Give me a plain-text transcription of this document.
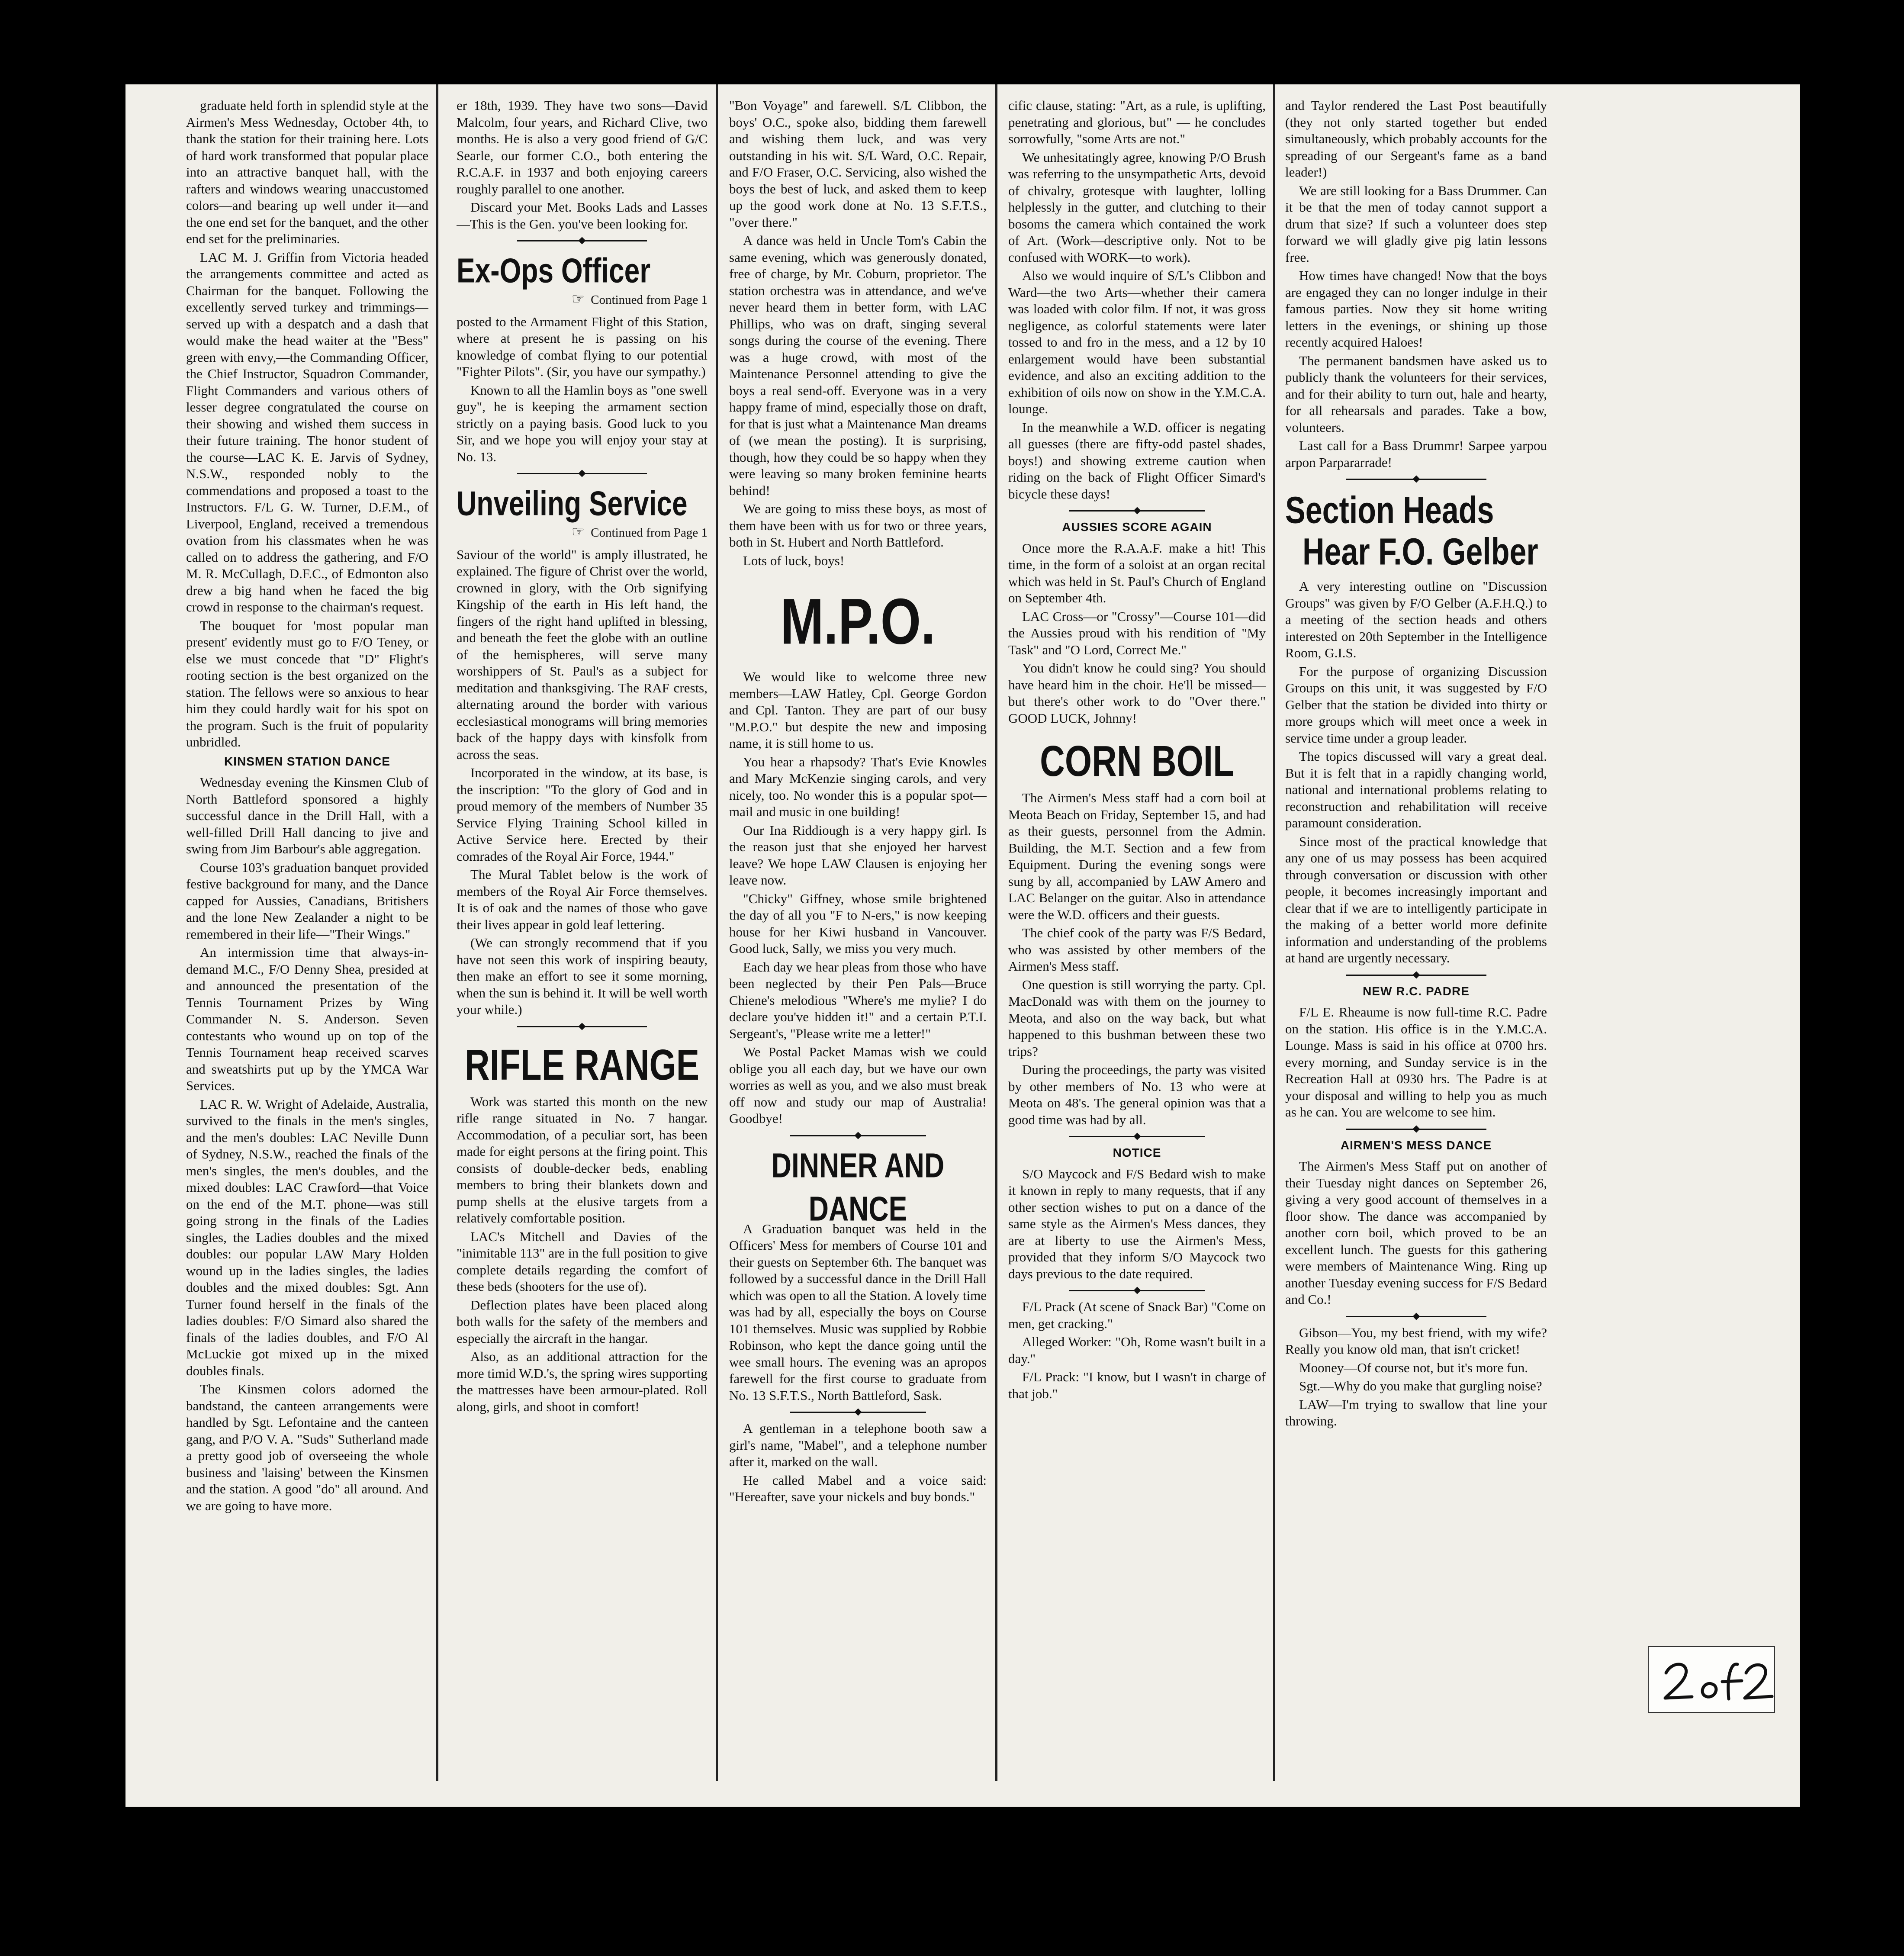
graduate held forth in splendid style at the Airmen's Mess Wednesday, October 4th, to thank the station for their training here. Lots of hard work transformed that popular place into an attractive banquet hall, with the rafters and windows wearing unaccustomed colors—and bearing up well under it—and the one end set for the banquet, and the other end set for the preliminaries.

LAC M. J. Griffin from Victoria headed the arrangements committee and acted as Chairman for the banquet. Following the excellently served turkey and trimmings—served up with a despatch and a dash that would make the head waiter at the "Bess" green with envy,—the Commanding Officer, the Chief Instructor, Squadron Commander, Flight Commanders and various others of lesser degree congratulated the course on their showing and wished them success in their future training. The honor student of the course—LAC K. E. Jarvis of Sydney, N.S.W., responded nobly to the commendations and proposed a toast to the Instructors. F/L G. W. Turner, D.F.M., of Liverpool, England, received a tremendous ovation from his classmates when he was called on to address the gathering, and F/O M. R. McCullagh, D.F.C., of Edmonton also drew a big hand when he faced the big crowd in response to the chairman's request.

The bouquet for 'most popular man present' evidently must go to F/O Teney, or else we must concede that "D" Flight's rooting section is the best organized on the station. The fellows were so anxious to hear him they could hardly wait for his spot on the program. Such is the fruit of popularity unbridled.

KINSMEN STATION DANCE

Wednesday evening the Kinsmen Club of North Battleford sponsored a highly successful dance in the Drill Hall, with a well-filled Drill Hall dancing to jive and swing from Jim Barbour's able aggregation.

Course 103's graduation banquet provided festive background for many, and the Dance capped for Aussies, Canadians, Britishers and the lone New Zealander a night to be remembered in their life—"Their Wings."

An intermission time that always-in-demand M.C., F/O Denny Shea, presided at and announced the presentation of the Tennis Tournament Prizes by Wing Commander N. S. Anderson. Seven contestants who wound up on top of the Tennis Tournament heap received scarves and sweatshirts put up by the YMCA War Services.

LAC R. W. Wright of Adelaide, Australia, survived to the finals in the men's singles, and the men's doubles: LAC Neville Dunn of Sydney, N.S.W., reached the finals of the men's singles, the men's doubles, and the mixed doubles: LAC Crawford—that Voice on the end of the M.T. phone—was still going strong in the finals of the Ladies singles, the Ladies doubles and the mixed doubles: our popular LAW Mary Holden wound up in the ladies singles, the ladies doubles and the mixed doubles: Sgt. Ann Turner found herself in the finals of the ladies doubles: F/O Simard also shared the finals of the ladies doubles, and F/O Al McLuckie got mixed up in the mixed doubles finals.

The Kinsmen colors adorned the bandstand, the canteen arrangements were handled by Sgt. Lefontaine and the canteen gang, and P/O V. A. "Suds" Sutherland made a pretty good job of overseeing the whole business and 'laising' between the Kinsmen and the station. A good "do" all around. And we are going to have more.

er 18th, 1939. They have two sons—David Malcolm, four years, and Richard Clive, two months. He is also a very good friend of G/C Searle, our former C.O., both entering the R.C.A.F. in 1937 and both enjoying careers roughly parallel to one another.

Discard your Met. Books Lads and Lasses—This is the Gen. you've been looking for.

Ex-Ops Officer
☞ Continued from Page 1

posted to the Armament Flight of this Station, where at present he is passing on his knowledge of combat flying to our potential "Fighter Pilots". (Sir, you have our sympathy.)

Known to all the Hamlin boys as "one swell guy", he is keeping the armament section strictly on a paying basis. Good luck to you Sir, and we hope you will enjoy your stay at No. 13.

Unveiling Service
☞ Continued from Page 1

Saviour of the world" is amply illustrated, he explained. The figure of Christ over the world, crowned in glory, with the Orb signifying Kingship of the earth in His left hand, the fingers of the right hand uplifted in blessing, and beneath the feet the globe with an outline of the hemispheres, will serve many worshippers of St. Paul's as a subject for meditation and thanksgiving. The RAF crests, alternating around the border with various ecclesiastical monograms will bring memories back of the happy days with kinsfolk from across the seas.

Incorporated in the window, at its base, is the inscription: "To the glory of God and in proud memory of the members of Number 35 Service Flying Training School killed in Active Service here. Erected by their comrades of the Royal Air Force, 1944."

The Mural Tablet below is the work of members of the Royal Air Force themselves. It is of oak and the names of those who gave their lives appear in gold leaf lettering.

(We can strongly recommend that if you have not seen this work of inspiring beauty, then make an effort to see it some morning, when the sun is behind it. It will be well worth your while.)

RIFLE RANGE

Work was started this month on the new rifle range situated in No. 7 hangar. Accommodation, of a peculiar sort, has been made for eight persons at the firing point. This consists of double-decker beds, enabling members to bring their blankets down and pump shells at the elusive targets from a relatively comfortable position.

LAC's Mitchell and Davies of the "inimitable 113" are in the full position to give complete details regarding the comfort of these beds (shooters for the use of).

Deflection plates have been placed along both walls for the safety of the members and especially the aircraft in the hangar.

Also, as an additional attraction for the more timid W.D.'s, the spring wires supporting the mattresses have been armour-plated. Roll along, girls, and shoot in comfort!

"Bon Voyage" and farewell. S/L Clibbon, the boys' O.C., spoke also, bidding them farewell and wishing them luck, and was very outstanding in his wit. S/L Ward, O.C. Repair, and F/O Fraser, O.C. Servicing, also wished the boys the best of luck, and asked them to keep up the good work done at No. 13 S.F.T.S., "over there."

A dance was held in Uncle Tom's Cabin the same evening, which was generously donated, free of charge, by Mr. Coburn, proprietor. The station orchestra was in attendance, and we've never heard them in better form, with LAC Phillips, who was on draft, singing several songs during the course of the evening. There was a huge crowd, with most of the Maintenance Personnel attending to give the boys a real send-off. Everyone was in a very happy frame of mind, especially those on draft, for that is just what a Maintenance Man dreams of (we mean the posting). It is surprising, though, how they could be so happy when they were leaving so many broken feminine hearts behind!

We are going to miss these boys, as most of them have been with us for two or three years, both in St. Hubert and North Battleford.

Lots of luck, boys!

M.P.O.

We would like to welcome three new members—LAW Hatley, Cpl. George Gordon and Cpl. Tanton. They are part of our busy "M.P.O." but despite the new and imposing name, it is still home to us.

You hear a rhapsody? That's Evie Knowles and Mary McKenzie singing carols, and very nicely, too. No wonder this is a popular spot—mail and music in one building!

Our Ina Riddiough is a very happy girl. Is the reason just that she enjoyed her harvest leave? We hope LAW Clausen is enjoying her leave now.

"Chicky" Giffney, whose smile brightened the day of all you "F to N-ers," is now keeping house for her Kiwi husband in Vancouver. Good luck, Sally, we miss you very much.

Each day we hear pleas from those who have been neglected by their Pen Pals—Bruce Chiene's melodious "Where's me mylie? I do declare you've hidden it!" and a certain P.T.I. Sergeant's, "Please write me a letter!"

We Postal Packet Mamas wish we could oblige you all each day, but we have our own worries as well as you, and we also must break off now and study our map of Australia! Goodbye!

DINNER AND DANCE

A Graduation banquet was held in the Officers' Mess for members of Course 101 and their guests on September 6th. The banquet was followed by a successful dance in the Drill Hall which was open to all the Station. A lovely time was had by all, especially the boys on Course 101 themselves. Music was supplied by Robbie Robinson, who kept the dance going until the wee small hours. The evening was an apropos farewell for the first course to graduate from No. 13 S.F.T.S., North Battleford, Sask.

A gentleman in a telephone booth saw a girl's name, "Mabel", and a telephone number after it, marked on the wall.

He called Mabel and a voice said: "Hereafter, save your nickels and buy bonds."

cific clause, stating: "Art, as a rule, is uplifting, penetrating and glorious, but" — he concludes sorrowfully, "some Arts are not."

We unhesitatingly agree, knowing P/O Brush was referring to the unsympathetic Arts, devoid of chivalry, grotesque with laughter, lolling helplessly in the gutter, and clutching to their bosoms the camera which contained the work of Art. (Work—descriptive only. Not to be confused with WORK—to work).

Also we would inquire of S/L's Clibbon and Ward—the two Arts—whether their camera was loaded with color film. If not, it was gross negligence, as colorful statements were later tossed to and fro in the mess, and a 12 by 10 enlargement would have been substantial evidence, and also an exciting addition to the exhibition of oils now on show in the Y.M.C.A. lounge.

In the meanwhile a W.D. officer is negating all guesses (there are fifty-odd pastel shades, boys!) and showing extreme caution when riding on the back of Flight Officer Simard's bicycle these days!

AUSSIES SCORE AGAIN

Once more the R.A.A.F. make a hit! This time, in the form of a soloist at an organ recital which was held in St. Paul's Church of England on September 4th.

LAC Cross—or "Crossy"—Course 101—did the Aussies proud with his rendition of "My Task" and "O Lord, Correct Me."

You didn't know he could sing? You should have heard him in the choir. He'll be missed—but there's other work to do "Over there." GOOD LUCK, Johnny!

CORN BOIL

The Airmen's Mess staff had a corn boil at Meota Beach on Friday, September 15, and had as their guests, personnel from the Admin. Building, the M.T. Section and a few from Equipment. During the evening songs were sung by all, accompanied by LAW Amero and LAC Belanger on the guitar. Also in attendance were the W.D. officers and their guests.

The chief cook of the party was F/S Bedard, who was assisted by other members of the Airmen's Mess staff.

One question is still worrying the party. Cpl. MacDonald was with them on the journey to Meota, and also on the way back, but what happened to this bushman between these two trips?

During the proceedings, the party was visited by other members of No. 13 who were at Meota on 48's. The general opinion was that a good time was had by all.

NOTICE

S/O Maycock and F/S Bedard wish to make it known in reply to many requests, that if any other section wishes to put on a dance of the same style as the Airmen's Mess dances, they are at liberty to use the Airmen's Mess, provided that they inform S/O Maycock two days previous to the date required.

F/L Prack (At scene of Snack Bar) "Come on men, get cracking."

Alleged Worker: "Oh, Rome wasn't built in a day."

F/L Prack: "I know, but I wasn't in charge of that job."

and Taylor rendered the Last Post beautifully (they not only started together but ended simultaneously, which probably accounts for the spreading of our Sergeant's fame as a band leader!)

We are still looking for a Bass Drummer. Can it be that the men of today cannot support a drum that size? If such a volunteer does step forward we will gladly give pig latin lessons free.

How times have changed! Now that the boys are engaged they can no longer indulge in their famous parties. Now they sit home writing letters in the evenings, or shining up those recently acquired Haloes!

The permanent bandsmen have asked us to publicly thank the volunteers for their services, and for their ability to turn out, hale and hearty, for all rehearsals and parades. Take a bow, volunteers.

Last call for a Bass Drummr! Sarpee yarpou arpon Parpararrade!

Section Heads
Hear F.O. Gelber

A very interesting outline on "Discussion Groups" was given by F/O Gelber (A.F.H.Q.) to a meeting of the section heads and others interested on 20th September in the Intelligence Room, G.I.S.

For the purpose of organizing Discussion Groups on this unit, it was suggested by F/O Gelber that the station be divided into thirty or more groups which will meet once a week in service time under a group leader.

The topics discussed will vary a great deal. But it is felt that in a rapidly changing world, national and international problems relating to reconstruction and rehabilitation will receive paramount consideration.

Since most of the practical knowledge that any one of us may possess has been acquired through conversation or discussion with other people, it becomes increasingly important and clear that if we are to intelligently participate in the making of a better world more definite information and understanding of the problems at hand are urgently necessary.

NEW R.C. PADRE

F/L E. Rheaume is now full-time R.C. Padre on the station. His office is in the Y.M.C.A. Lounge. Mass is said in his office at 0700 hrs. every morning, and Sunday service is in the Recreation Hall at 0930 hrs. The Padre is at your disposal and willing to help you as much as he can. You are welcome to see him.

AIRMEN'S MESS DANCE

The Airmen's Mess Staff put on another of their Tuesday night dances on September 26, giving a very good account of themselves in a floor show. The dance was accompanied by another corn boil, which proved to be an excellent lunch. The guests for this gathering were members of Maintenance Wing. Ring up another Tuesday evening success for F/S Bedard and Co.!

Gibson—You, my best friend, with my wife? Really you know old man, that isn't cricket!

Mooney—Of course not, but it's more fun.

Sgt.—Why do you make that gurgling noise?

LAW—I'm trying to swallow that line your throwing.
